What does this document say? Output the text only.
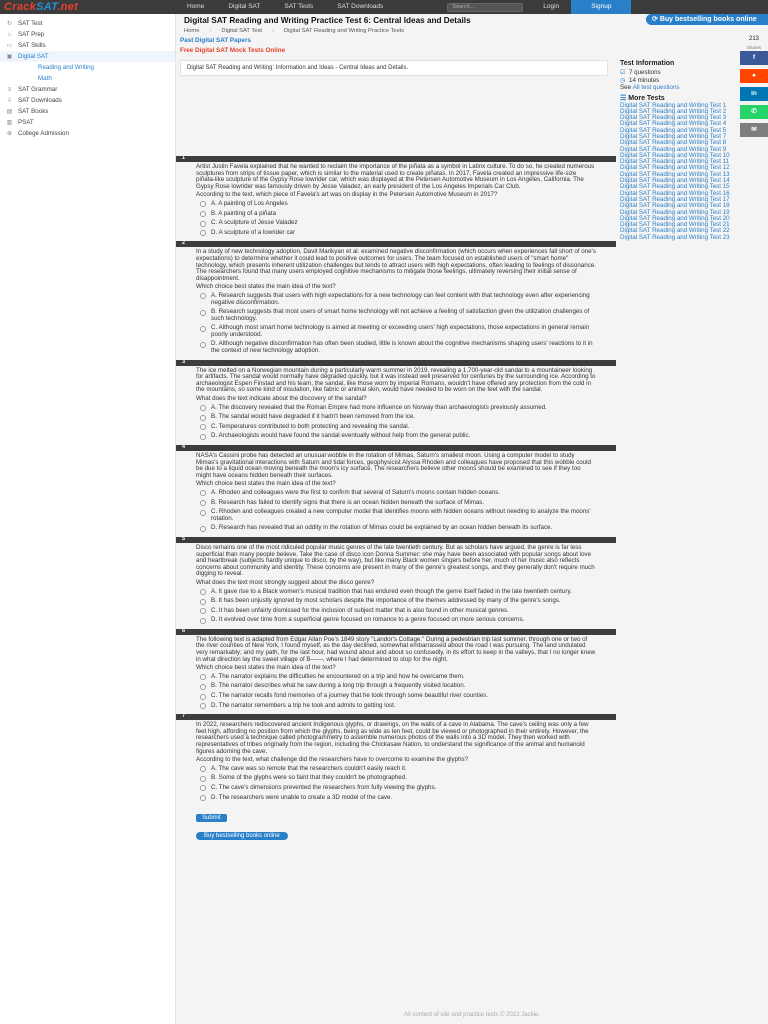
CrackSAT.net	Home	Digital SAT	SAT Tests	SAT Downloads	Search...	Login	Signup
↻ SAT Test
⌂	SAT Prep
▭ SAT Skills
▣ Digital SAT
Reading and Writing
Math
≡	SAT Grammar
⇩ SAT Downloads
▤ SAT Books
▥ PSAT
⊕ College Admission
Digital SAT Reading and Writing Practice Test 6: Central Ideas and Details	⟳ Buy bestselling books online
Home › Digital SAT Test › Digital SAT Reading and Writing Practice Tests
Past Digital SAT Papers
Free Digital SAT Mock Tests Online
Digital SAT Reading and Writing: Information and Ideas - Central Ideas and Details.
1
Artist Justin Favela explained that he wanted to reclaim the importance of the piñata as a symbol in Latinx culture. To do so, he created numerous sculptures from strips of tissue paper, which is similar to the material used to create piñatas. In 2017, Favela created an impressive life-size piñata-like sculpture of the Gypsy Rose lowrider car, which was displayed at the Petersen Automotive Museum in Los Angeles, California. The Gypsy Rose lowrider was famously driven by Jesse Valadez, an early president of the Los Angeles Imperials Car Club.
According to the text, which piece of Favela's art was on display in the Petersen Automotive Museum in 2017?
A. A painting of Los Angeles
B. A painting of a piñata
C. A sculpture of Jesse Valadez
D. A sculpture of a lowrider car
2
In a study of new technology adoption, Davit Marikyan et al. examined negative disconfirmation (which occurs when experiences fall short of one's expectations) to determine whether it could lead to positive outcomes for users. The team focused on established users of "smart home" technology, which presents inherent utilization challenges but tends to attract users with high expectations, often leading to feelings of dissonance. The researchers found that many users employed cognitive mechanisms to mitigate those feelings, ultimately reversing their initial sense of disappointment.
Which choice best states the main idea of the text?
A. Research suggests that users with high expectations for a new technology can feel content with that technology even after experiencing negative disconfirmation.
B. Research suggests that most users of smart home technology will not achieve a feeling of satisfaction given the utilization challenges of such technology.
C. Although most smart home technology is aimed at meeting or exceeding users' high expectations, those expectations in general remain poorly understood.
D. Although negative disconfirmation has often been studied, little is known about the cognitive mechanisms shaping users' reactions to it in the context of new technology adoption.
3
The ice melted on a Norwegian mountain during a particularly warm summer in 2019, revealing a 1,700-year-old sandal to a mountaineer looking for artifacts. The sandal would normally have degraded quickly, but it was instead well preserved for centuries by the surrounding ice. According to archaeologist Espen Finstad and his team, the sandal, like those worn by imperial Romans, wouldn't have offered any protection from the cold in the mountains, so some kind of insulation, like fabric or animal skin, would have needed to be worn on the feet with the sandal.
What does the text indicate about the discovery of the sandal?
A. The discovery revealed that the Roman Empire had more influence on Norway than archaeologists previously assumed.
B. The sandal would have degraded if it hadn't been removed from the ice.
C. Temperatures contributed to both protecting and revealing the sandal.
D. Archaeologists would have found the sandal eventually without help from the general public.
4
NASA's Cassini probe has detected an unusual wobble in the rotation of Mimas, Saturn's smallest moon. Using a computer model to study Mimas's gravitational interactions with Saturn and tidal forces, geophysicist Alyssa Rhoden and colleagues have proposed that this wobble could be due to a liquid ocean moving beneath the moon's icy surface. The researchers believe other moons should be examined to see if they too might have oceans hidden beneath their surfaces.
Which choice best states the main idea of the text?
A. Rhoden and colleagues were the first to confirm that several of Saturn's moons contain hidden oceans.
B. Research has failed to identify signs that there is an ocean hidden beneath the surface of Mimas.
C. Rhoden and colleagues created a new computer model that identifies moons with hidden oceans without needing to analyze the moons' rotation.
D. Research has revealed that an oddity in the rotation of Mimas could be explained by an ocean hidden beneath its surface.
5
Disco remains one of the most ridiculed popular music genres of the late twentieth century. But as scholars have argued, the genre is far less superficial than many people believe. Take the case of disco icon Donna Summer: she may have been associated with popular songs about love and heartbreak (subjects hardly unique to disco, by the way), but like many Black women singers before her, much of her music also reflects concerns about community and identity. These concerns are present in many of the genre's greatest songs, and they generally don't require much digging to reveal.
What does the text most strongly suggest about the disco genre?
A. It gave rise to a Black women's musical tradition that has endured even though the genre itself faded in the late twentieth century.
B. It has been unjustly ignored by most scholars despite the importance of the themes addressed by many of the genre's songs.
C. It has been unfairly dismissed for the inclusion of subject matter that is also found in other musical genres.
D. It evolved over time from a superficial genre focused on romance to a genre focused on more serious concerns.
6
The following text is adapted from Edgar Allan Poe's 1849 story "Landor's Cottage." During a pedestrian trip last summer, through one or two of the river counties of New York, I found myself, as the day declined, somewhat embarrassed about the road I was pursuing. The land undulated very remarkably; and my path, for the last hour, had wound about and about so confusedly, in its effort to keep in the valleys, that I no longer knew in what direction lay the sweet village of B——, where I had determined to stop for the night.
Which choice best states the main idea of the text?
A. The narrator explains the difficulties he encountered on a trip and how he overcame them.
B. The narrator describes what he saw during a long trip through a frequently visited location.
C. The narrator recalls fond memories of a journey that he took through some beautiful river counties.
D. The narrator remembers a trip he took and admits to getting lost.
7
In 2022, researchers rediscovered ancient Indigenous glyphs, or drawings, on the walls of a cave in Alabama. The cave's ceiling was only a few feet high, affording no position from which the glyphs, being as wide as ten feet, could be viewed or photographed in their entirety. However, the researchers used a technique called photogrammetry to assemble numerous photos of the walls into a 3D model. They then worked with representatives of tribes originally from the region, including the Chickasaw Nation, to understand the significance of the animal and humanoid figures adorning the cave.
According to the text, what challenge did the researchers have to overcome to examine the glyphs?
A. The cave was so remote that the researchers couldn't easily reach it.
B. Some of the glyphs were so faint that they couldn't be photographed.
C. The cave's dimensions prevented the researchers from fully viewing the glyphs.
D. The researchers were unable to create a 3D model of the cave.
Submit
Buy bestselling books online
All content of site and practice tests © 2022 Jackie.
Test Information
☑ 7 questions
◷ 14 minutes
See
All test questions
☰ More Tests
Digital SAT Reading and Writing Test 1
Digital SAT Reading and Writing Test 2
Digital SAT Reading and Writing Test 3
Digital SAT Reading and Writing Test 4
Digital SAT Reading and Writing Test 5
Digital SAT Reading and Writing Test 7
Digital SAT Reading and Writing Test 8
Digital SAT Reading and Writing Test 9
Digital SAT Reading and Writing Test 10
Digital SAT Reading and Writing Test 11
Digital SAT Reading and Writing Test 12
Digital SAT Reading and Writing Test 13
Digital SAT Reading and Writing Test 14
Digital SAT Reading and Writing Test 15
Digital SAT Reading and Writing Test 16
Digital SAT Reading and Writing Test 17
Digital SAT Reading and Writing Test 18
Digital SAT Reading and Writing Test 19
Digital SAT Reading and Writing Test 20
Digital SAT Reading and Writing Test 21
Digital SAT Reading and Writing Test 22
Digital SAT Reading and Writing Test 23
213
Shares
f
●
in
✆
✉
